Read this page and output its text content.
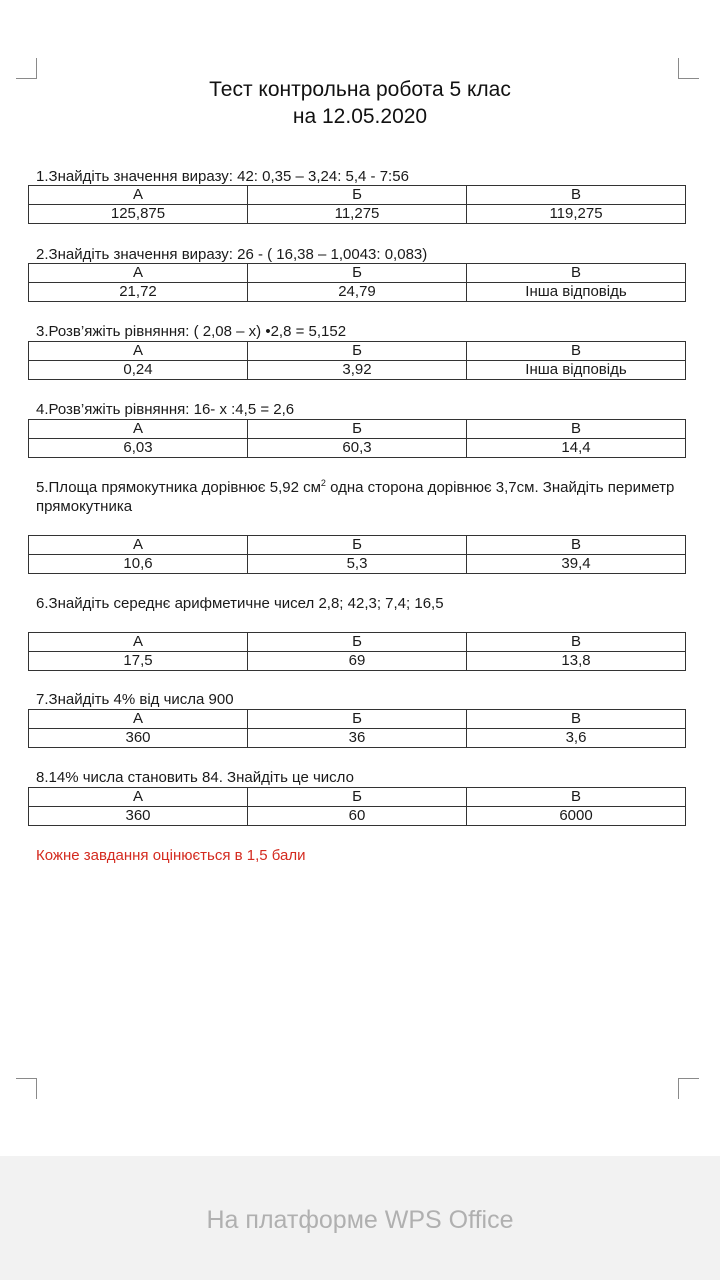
Тест контрольна робота 5 клас
на 12.05.2020
1.Знайдіть значення виразу: 42: 0,35 – 3,24: 5,4 - 7:56
А	Б	В
125,875	11,275	119,275
2.Знайдіть значення виразу: 26 - ( 16,38 – 1,0043: 0,083)
А	Б	В
21,72	24,79	Інша відповідь
3.Розв’яжіть рівняння: ( 2,08 – х) •2,8 = 5,152
А	Б	В
0,24	3,92	Інша відповідь
4.Розв’яжіть рівняння: 16- х :4,5 = 2,6
А	Б	В
6,03	60,3	14,4
5.Площа прямокутника дорівнює 5,92 $см^2$ одна сторона дорівнює 3,7см. Знайдіть периметр прямокутника
А	Б	В
10,6	5,3	39,4
6.Знайдіть середнє арифметичне чисел 2,8; 42,3; 7,4; 16,5
А	Б	В
17,5	69	13,8
7.Знайдіть 4% від числа 900
А	Б	В
360	36	3,6
8.14% числа становить 84. Знайдіть це число
А	Б	В
360	60	6000
Кожне завдання оцінюється в 1,5 бали
На платформе WPS Office
